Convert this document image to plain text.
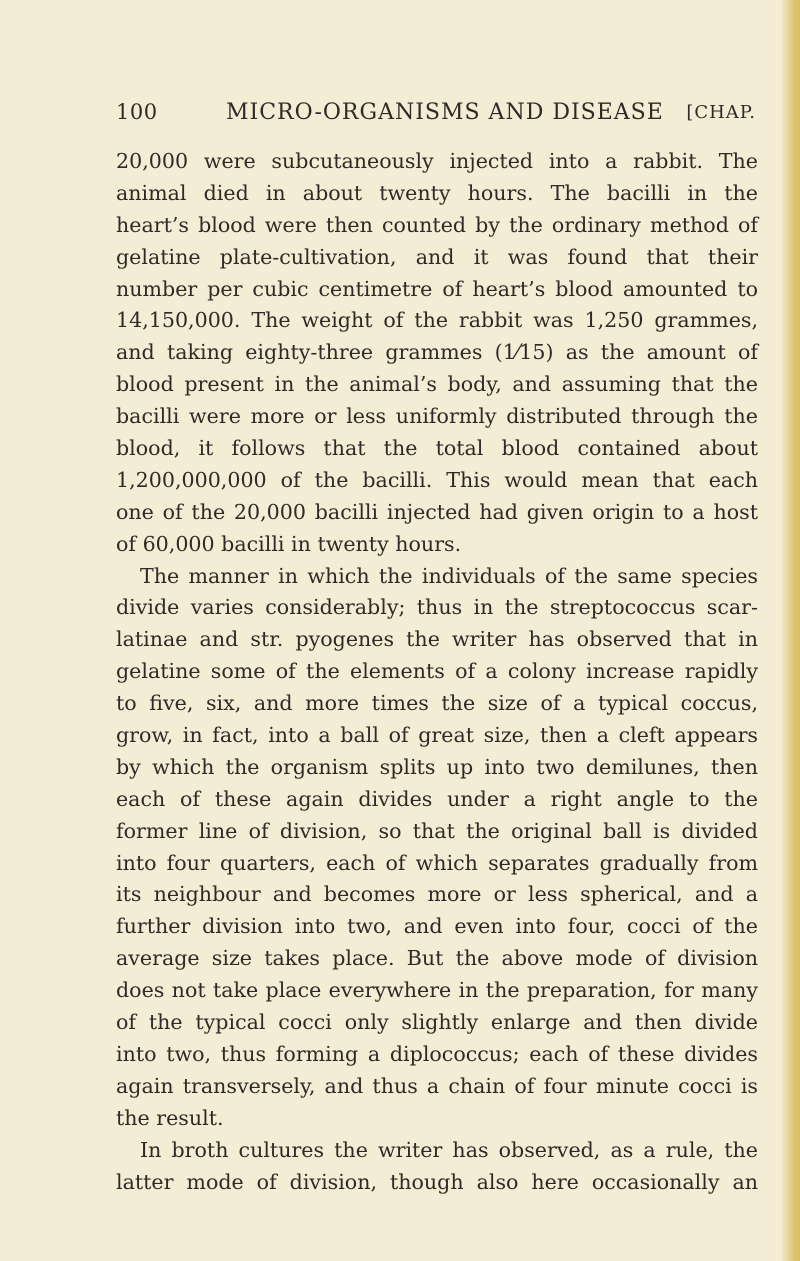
100	MICRO-ORGANISMS AND DISEASE [CHAP.
20,000 were subcutaneously injected into a rabbit. The
animal died in about twenty hours. The bacilli in the
heart’s blood were then counted by the ordinary method of
gelatine plate-cultivation, and it was found that their
number per cubic centimetre of heart’s blood amounted to
14,150,000. The weight of the rabbit was 1,250 grammes,
and taking eighty-three grammes (1⁄15) as the amount of
blood present in the animal’s body, and assuming that the
bacilli were more or less uniformly distributed through the
blood, it follows that the total blood contained about
1,200,000,000 of the bacilli. This would mean that each
one of the 20,000 bacilli injected had given origin to a host
of 60,000 bacilli in twenty hours.
The manner in which the individuals of the same species
divide varies considerably; thus in the streptococcus scar-
latinae and str. pyogenes the writer has observed that in
gelatine some of the elements of a colony increase rapidly
to five, six, and more times the size of a typical coccus,
grow, in fact, into a ball of great size, then a cleft appears
by which the organism splits up into two demilunes, then
each of these again divides under a right angle to the
former line of division, so that the original ball is divided
into four quarters, each of which separates gradually from
its neighbour and becomes more or less spherical, and a
further division into two, and even into four, cocci of the
average size takes place. But the above mode of division
does not take place everywhere in the preparation, for many
of the typical cocci only slightly enlarge and then divide
into two, thus forming a diplococcus; each of these divides
again transversely, and thus a chain of four minute cocci is
the result.
In broth cultures the writer has observed, as a rule, the
latter mode of division, though also here occasionally an
